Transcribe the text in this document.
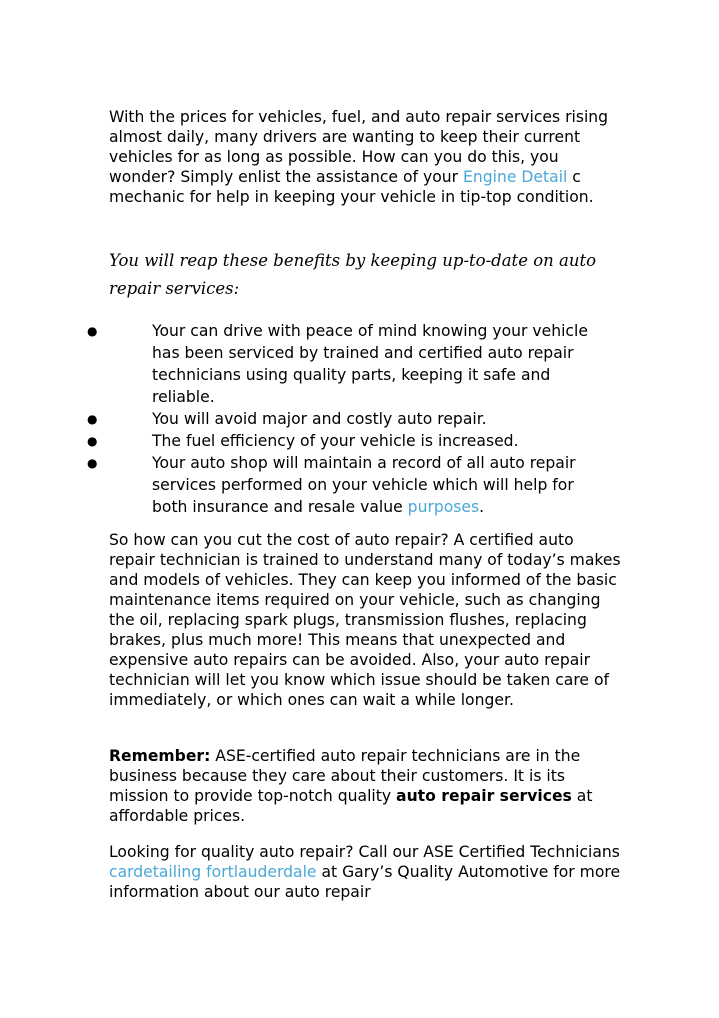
With the prices for vehicles, fuel, and auto repair services rising almost daily, many drivers are wanting to keep their current vehicles for as long as possible. How can you do this, you wonder? Simply enlist the assistance of your Engine Detail c mechanic for help in keeping your vehicle in tip-top condition.

You will reap these benefits by keeping up-to-date on auto repair services:

●	Your can drive with peace of mind knowing your vehicle has been serviced by trained and certified auto repair technicians using quality parts, keeping it safe and reliable.
●	You will avoid major and costly auto repair.
●	The fuel efficiency of your vehicle is increased.
●	Your auto shop will maintain a record of all auto repair services performed on your vehicle which will help for both insurance and resale value purposes.

So how can you cut the cost of auto repair? A certified auto repair technician is trained to understand many of today’s makes and models of vehicles. They can keep you informed of the basic maintenance items required on your vehicle, such as changing the oil, replacing spark plugs, transmission flushes, replacing brakes, plus much more! This means that unexpected and expensive auto repairs can be avoided. Also, your auto repair technician will let you know which issue should be taken care of immediately, or which ones can wait a while longer.

Remember: ASE-certified auto repair technicians are in the business because they care about their customers. It is its mission to provide top-notch quality auto repair services at affordable prices.

Looking for quality auto repair? Call our ASE Certified Technicians cardetailing fortlauderdale at Gary’s Quality Automotive for more information about our auto repair
